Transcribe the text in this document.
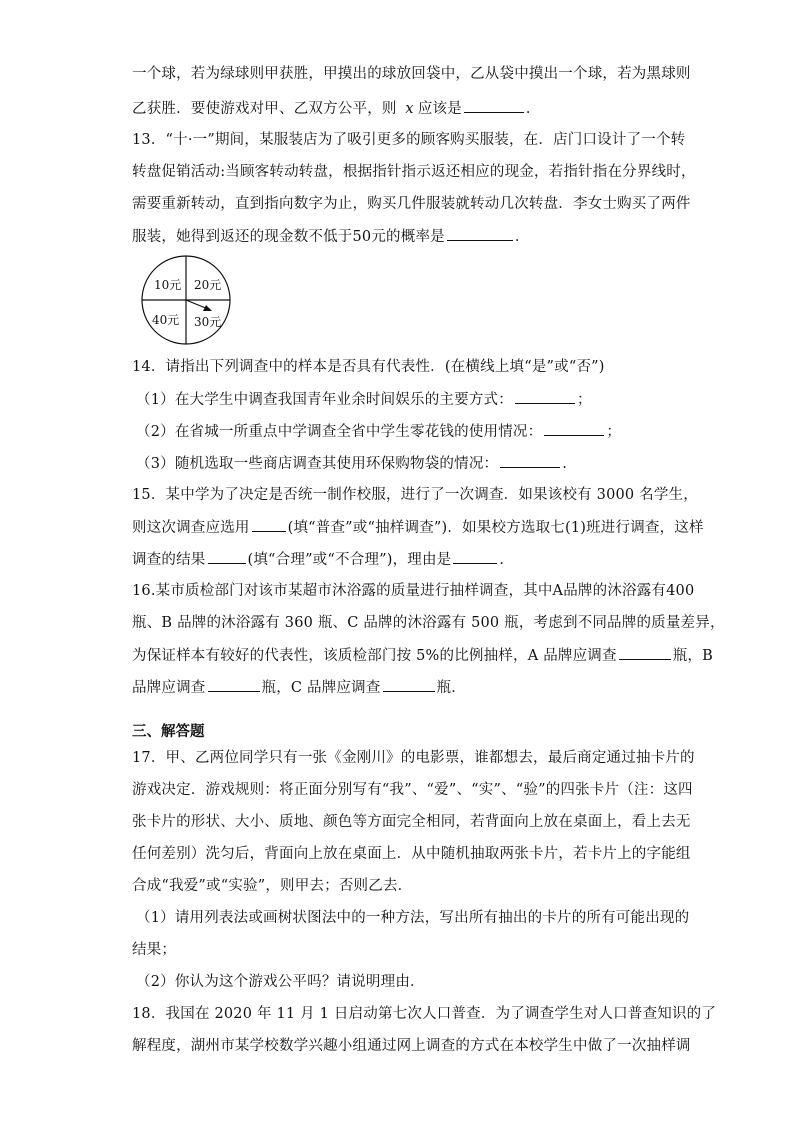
一个球，若为绿球则甲获胜，甲摸出的球放回袋中，乙从袋中摸出一个球，若为黑球则
乙获胜．要使游戏对甲、乙双方公平，则 x 应该是	．
13．“十·一”期间，某服装店为了吸引更多的顾客购买服装，在．店门口设计了一个转
转盘促销活动:当顾客转动转盘，根据指针指示返还相应的现金，若指针指在分界线时，
需要重新转动，直到指向数字为止，购买几件服装就转动几次转盘．李女士购买了两件
服装，她得到返还的现金数不低于50元的概率是	．
10元 20元
40元 30元
14．请指出下列调查中的样本是否具有代表性．(在横线上填“是”或“否”)
（1）在大学生中调查我国青年业余时间娱乐的主要方式：	；
（2）在省城一所重点中学调查全省中学生零花钱的使用情况：	；
（3）随机选取一些商店调查其使用环保购物袋的情况：	.
15．某中学为了决定是否统一制作校服，进行了一次调查．如果该校有 3000 名学生，
则这次调查应选用	(填“普查”或“抽样调查”)．如果校方选取七(1)班进行调查，这样
调查的结果	(填“合理”或“不合理”)，理由是	．
16.某市质检部门对该市某超市沐浴露的质量进行抽样调查，其中A品牌的沐浴露有400
瓶、B 品牌的沐浴露有 360 瓶、C 品牌的沐浴露有 500 瓶，考虑到不同品牌的质量差异，
为保证样本有较好的代表性，该质检部门按 5%的比例抽样，A 品牌应调查	瓶，B
品牌应调查	瓶，C 品牌应调查	瓶．
三、解答题
17．甲、乙两位同学只有一张《金刚川》的电影票，谁都想去，最后商定通过抽卡片的
游戏决定．游戏规则：将正面分别写有“我”、“爱”、“实”、“验”的四张卡片（注：这四
张卡片的形状、大小、质地、颜色等方面完全相同，若背面向上放在桌面上，看上去无
任何差别）洗匀后，背面向上放在桌面上．从中随机抽取两张卡片，若卡片上的字能组
合成“我爱”或“实验”，则甲去；否则乙去．
（1）请用列表法或画树状图法中的一种方法，写出所有抽出的卡片的所有可能出现的
结果；
（2）你认为这个游戏公平吗？请说明理由．
18．我国在 2020 年 11 月 1 日启动第七次人口普查．为了调查学生对人口普查知识的了
解程度，湖州市某学校数学兴趣小组通过网上调查的方式在本校学生中做了一次抽样调
